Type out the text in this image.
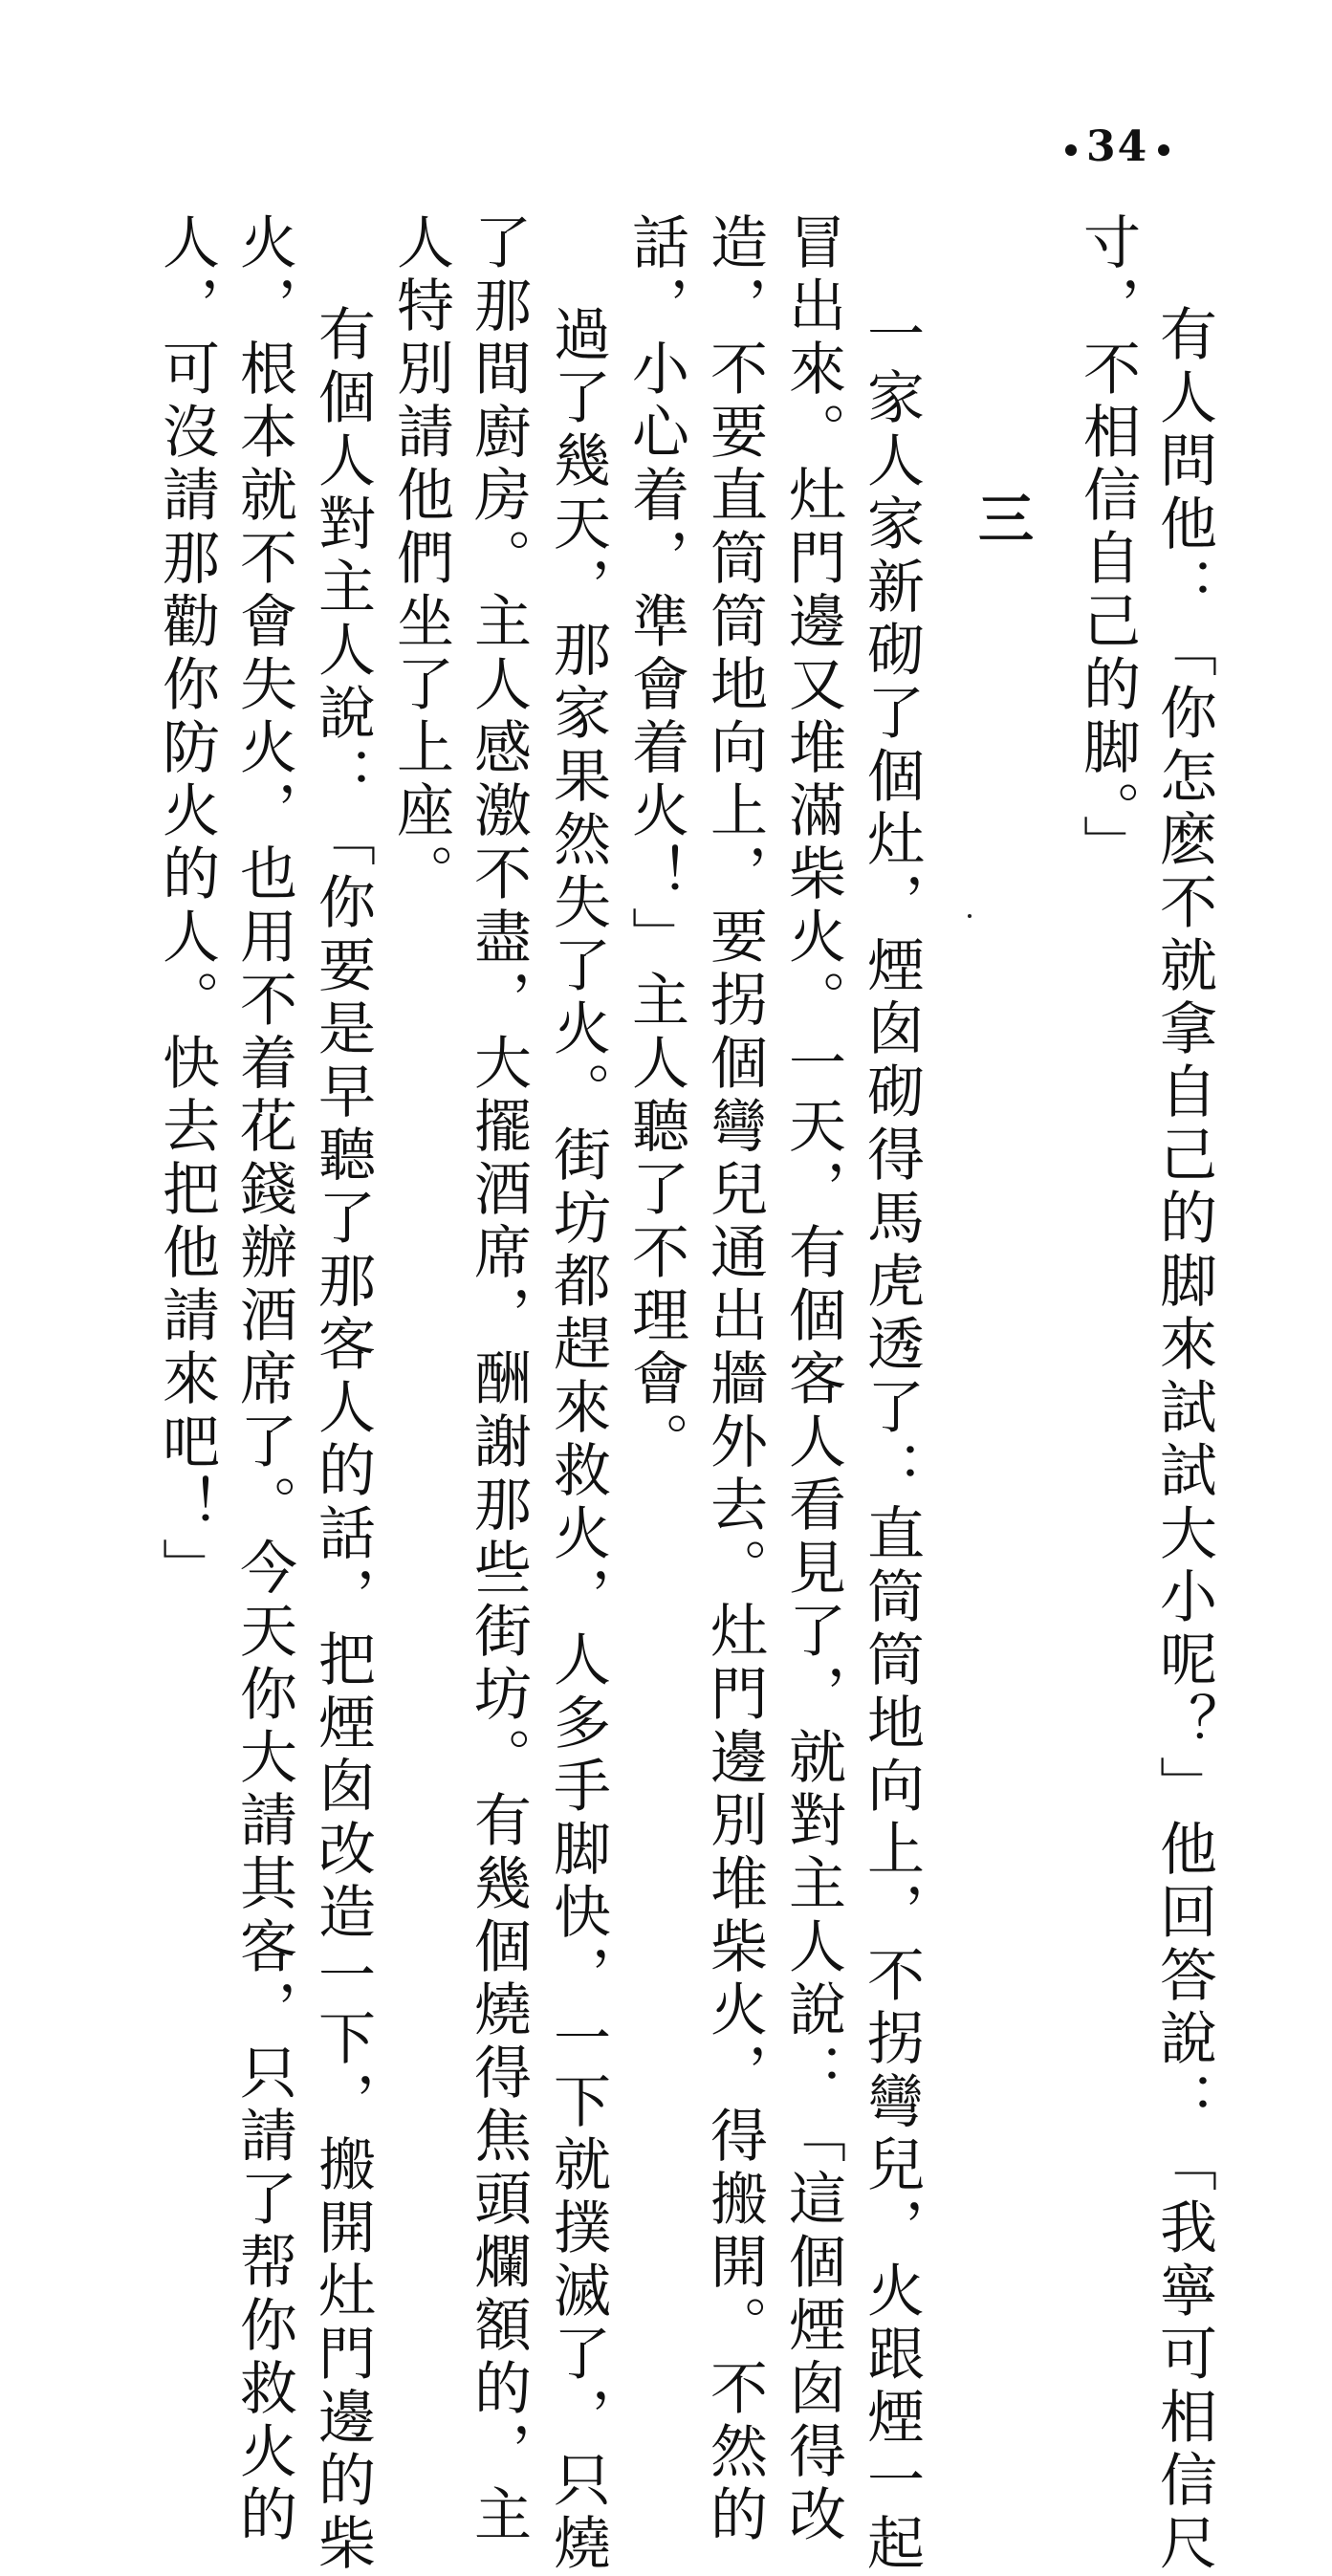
34
有人問他：「你怎麽不就拿自己的脚來試試大小呢？」他回答說：「我寧可相信尺
寸，不相信自己的脚。」
三
一家人家新砌了個灶，煙囱砌得馬虎透了：直筒筒地向上，不拐彎兒，火跟煙一起
冒出來。灶門邊又堆滿柴火。一天，有個客人看見了，就對主人說：「這個煙囱得改
造，不要直筒筒地向上，要拐個彎兒通出牆外去。灶門邊別堆柴火，得搬開。不然的
話，小心着，準會着火！」主人聽了不理會。
過了幾天，那家果然失了火。街坊都趕來救火，人多手脚快，一下就撲滅了，只燒
了那間廚房。主人感激不盡，大擺酒席，酬謝那些街坊。有幾個燒得焦頭爛額的，主
人特別請他們坐了上座。
有個人對主人說：「你要是早聽了那客人的話，把煙囱改造一下，搬開灶門邊的柴
火，根本就不會失火，也用不着花錢辦酒席了。今天你大請其客，只請了帮你救火的
人，可沒請那勸你防火的人。快去把他請來吧！」
